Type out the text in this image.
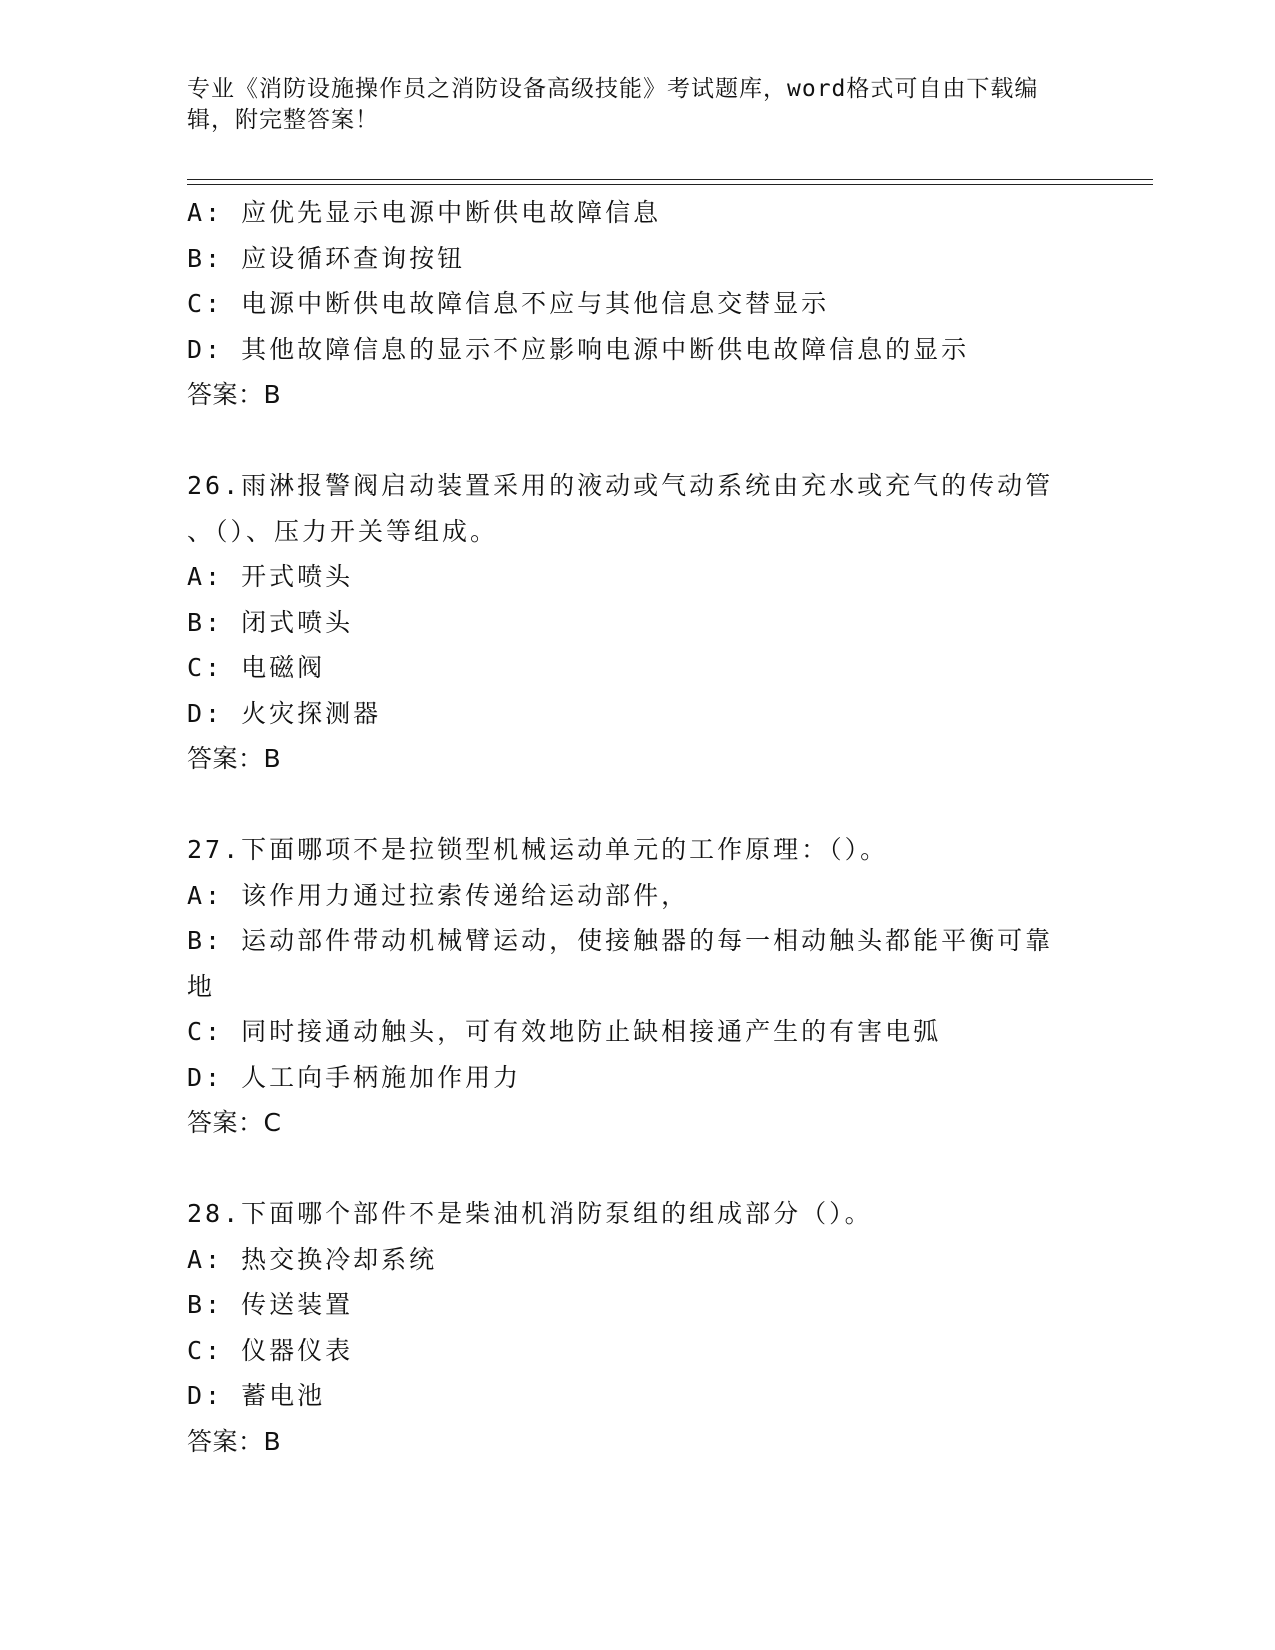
专业《消防设施操作员之消防设备高级技能》考试题库，word格式可自由下载编辑，附完整答案！
A: 应优先显示电源中断供电故障信息
B: 应设循环查询按钮
C: 电源中断供电故障信息不应与其他信息交替显示
D: 其他故障信息的显示不应影响电源中断供电故障信息的显示
答案：B
26.雨淋报警阀启动装置采用的液动或气动系统由充水或充气的传动管
、（）、压力开关等组成。
A: 开式喷头
B: 闭式喷头
C: 电磁阀
D: 火灾探测器
答案：B
27.下面哪项不是拉锁型机械运动单元的工作原理：（）。
A: 该作用力通过拉索传递给运动部件，
B: 运动部件带动机械臂运动，使接触器的每一相动触头都能平衡可靠
地
C: 同时接通动触头，可有效地防止缺相接通产生的有害电弧
D: 人工向手柄施加作用力
答案：C
28.下面哪个部件不是柴油机消防泵组的组成部分（）。
A: 热交换冷却系统
B: 传送装置
C: 仪器仪表
D: 蓄电池
答案：B
